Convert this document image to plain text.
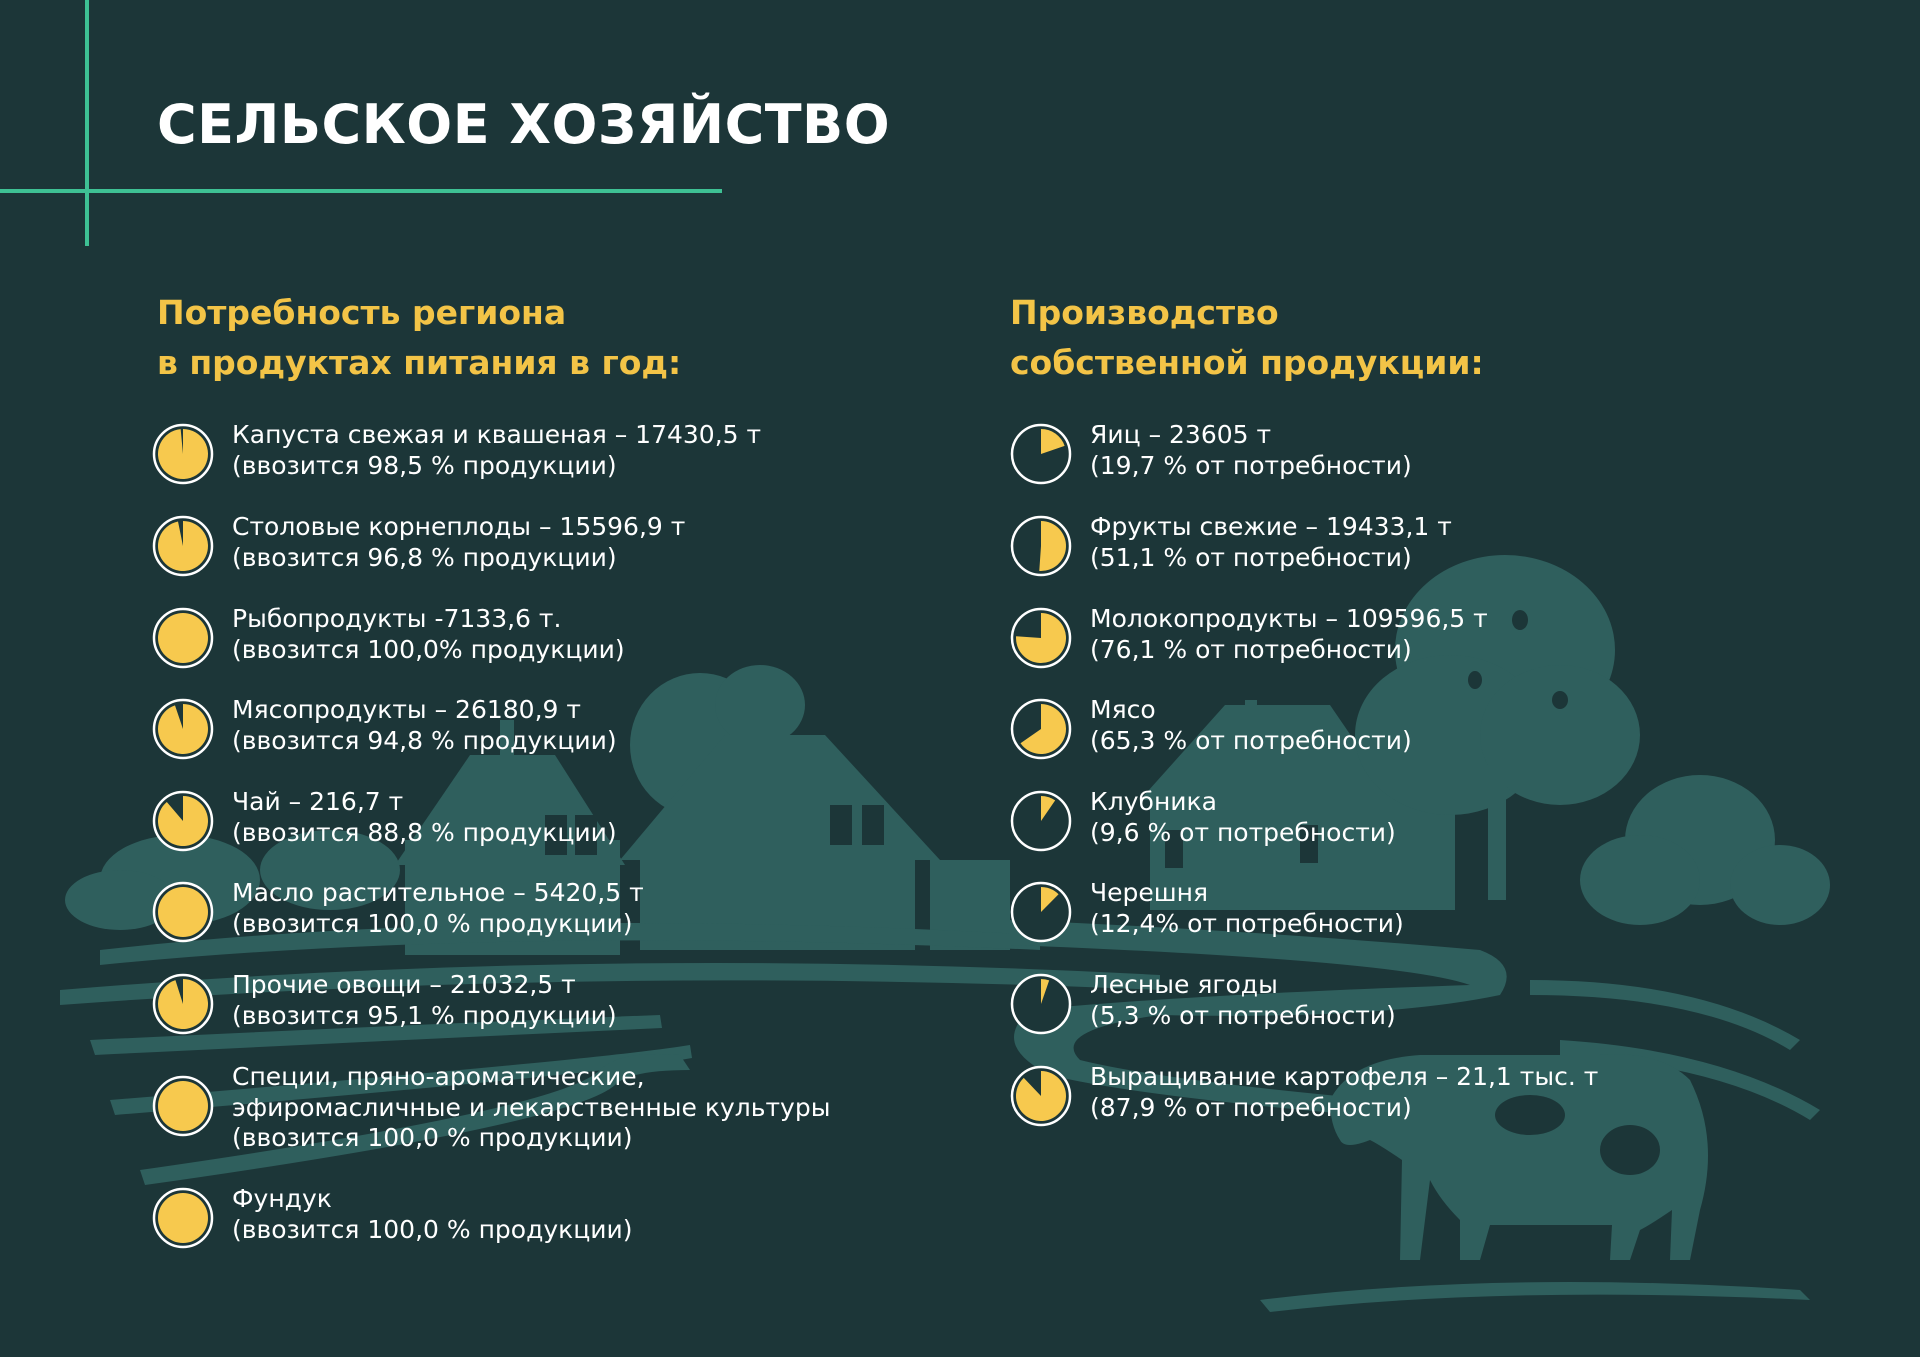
СЕЛЬСКОЕ ХОЗЯЙСТВО
Потребность региона
в продуктах питания в год:
Производство
собственной продукции:
Капуста свежая и квашеная – 17430,5 т
(ввозится 98,5 % продукции)
Столовые корнеплоды – 15596,9 т
(ввозится 96,8 % продукции)
Рыбопродукты -7133,6 т.
(ввозится 100,0% продукции)
Мясопродукты – 26180,9 т
(ввозится 94,8 % продукции)
Чай – 216,7 т
(ввозится 88,8 % продукции)
Масло растительное – 5420,5 т
(ввозится 100,0 % продукции)
Прочие овощи – 21032,5 т
(ввозится 95,1 % продукции)
Специи, пряно-ароматические,
эфиромасличные и лекарственные культуры
(ввозится 100,0 % продукции)
Фундук
(ввозится 100,0 % продукции)
Яиц – 23605 т
(19,7 % от потребности)
Фрукты свежие – 19433,1 т
(51,1 % от потребности)
Молокопродукты – 109596,5 т
(76,1 % от потребности)
Мясо
(65,3 % от потребности)
Клубника
(9,6 % от потребности)
Черешня
(12,4% от потребности)
Лесные ягоды
(5,3 % от потребности)
Выращивание картофеля – 21,1 тыс. т
(87,9 % от потребности)
